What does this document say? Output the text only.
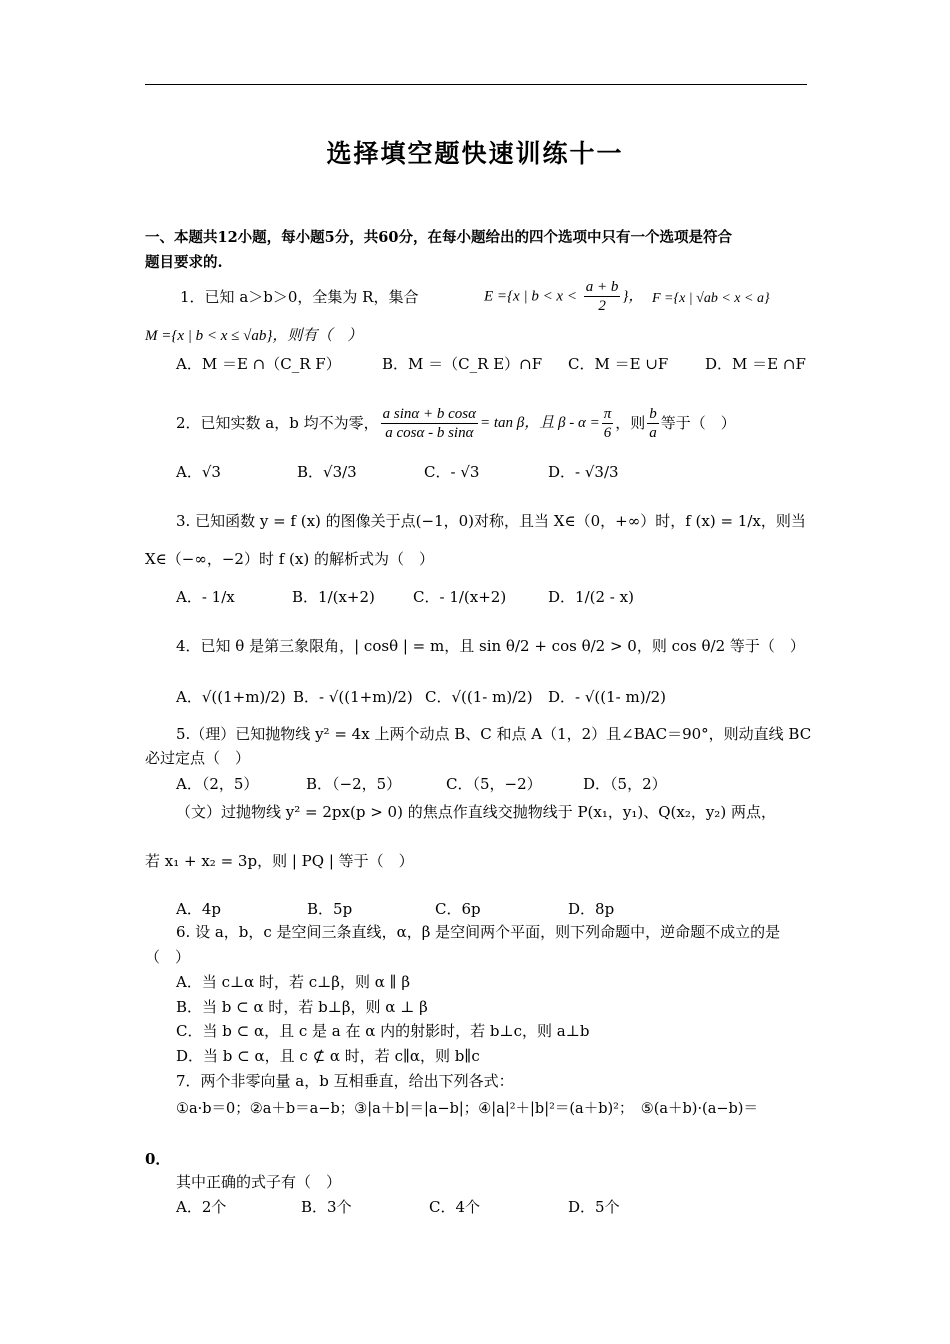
选择填空题快速训练十一
一、本题共12小题，每小题5分，共60分，在每小题给出的四个选项中只有一个选项是符合
题目要求的.
1．已知 a＞b＞0，全集为 R，集合	E ={x | $b < x < \frac{a + b}{2}$ }， F ={x | √ab < x < a}
M ={x | b < x ≤ √ab}，则有（　）
A．M ＝E ∩（C_R F）	B．M ＝（C_R E）∩F C．M ＝E ∪F D．M ＝E ∩F
2．已知实数 a，b 均不为零， $\frac{\text{a sinα + b cosα}}{\text{a cosα - b sinα}} = \tan \beta$，且 $\beta - \alpha = \frac{\pi}{6}$ ，则 $\frac{b}{a}$ 等于（　）
A．√3	B．√3/3	C．- √3	D．- √3/3
3. 已知函数 y = f (x) 的图像关于点(−1，0)对称，且当 X∈（0，+∞）时，f (x) = 1/x，则当
X∈（−∞，−2）时 f (x) 的解析式为（　）
A．- 1/x	B．1/(x+2)	C．- 1/(x+2)	D．1/(2 - x)
4．已知 θ 是第三象限角，| cosθ | = m，且 sin θ/2 + cos θ/2 > 0，则 cos θ/2 等于（　）
A．√((1+m)/2) B．- √((1+m)/2) C．√((1- m)/2) D．- √((1- m)/2)
5.（理）已知抛物线 y² = 4x 上两个动点 B、C 和点 A（1，2）且∠BAC＝90°，则动直线 BC
必过定点（　）
A．（2，5）	B．（−2，5）	C．（5，−2）	D．（5，2）
（文）过抛物线 y² = 2px(p > 0) 的焦点作直线交抛物线于 P(x₁，y₁)、Q(x₂，y₂) 两点，
若 x₁ + x₂ = 3p，则 | PQ | 等于（　）
A．4p	B．5p	C．6p	D．8p
6. 设 a，b，c 是空间三条直线，α，β 是空间两个平面，则下列命题中，逆命题不成立的是
（　）
A．当 c⊥α 时，若 c⊥β，则 α ∥ β
B．当 b ⊂ α 时，若 b⊥β，则 α ⊥ β
C．当 b ⊂ α，且 c 是 a 在 α 内的射影时，若 b⊥c，则 a⊥b
D．当 b ⊂ α，且 c ⊄ α 时，若 c∥α，则 b∥c
7．两个非零向量 a，b 互相垂直，给出下列各式：
①a·b＝0；②a＋b＝a−b；③|a＋b|＝|a−b|；④|a|²＋|b|²＝(a＋b)²；　⑤(a＋b)·(a−b)＝
0．
其中正确的式子有（　）
A．2个	B．3个	C．4个	D．5个
